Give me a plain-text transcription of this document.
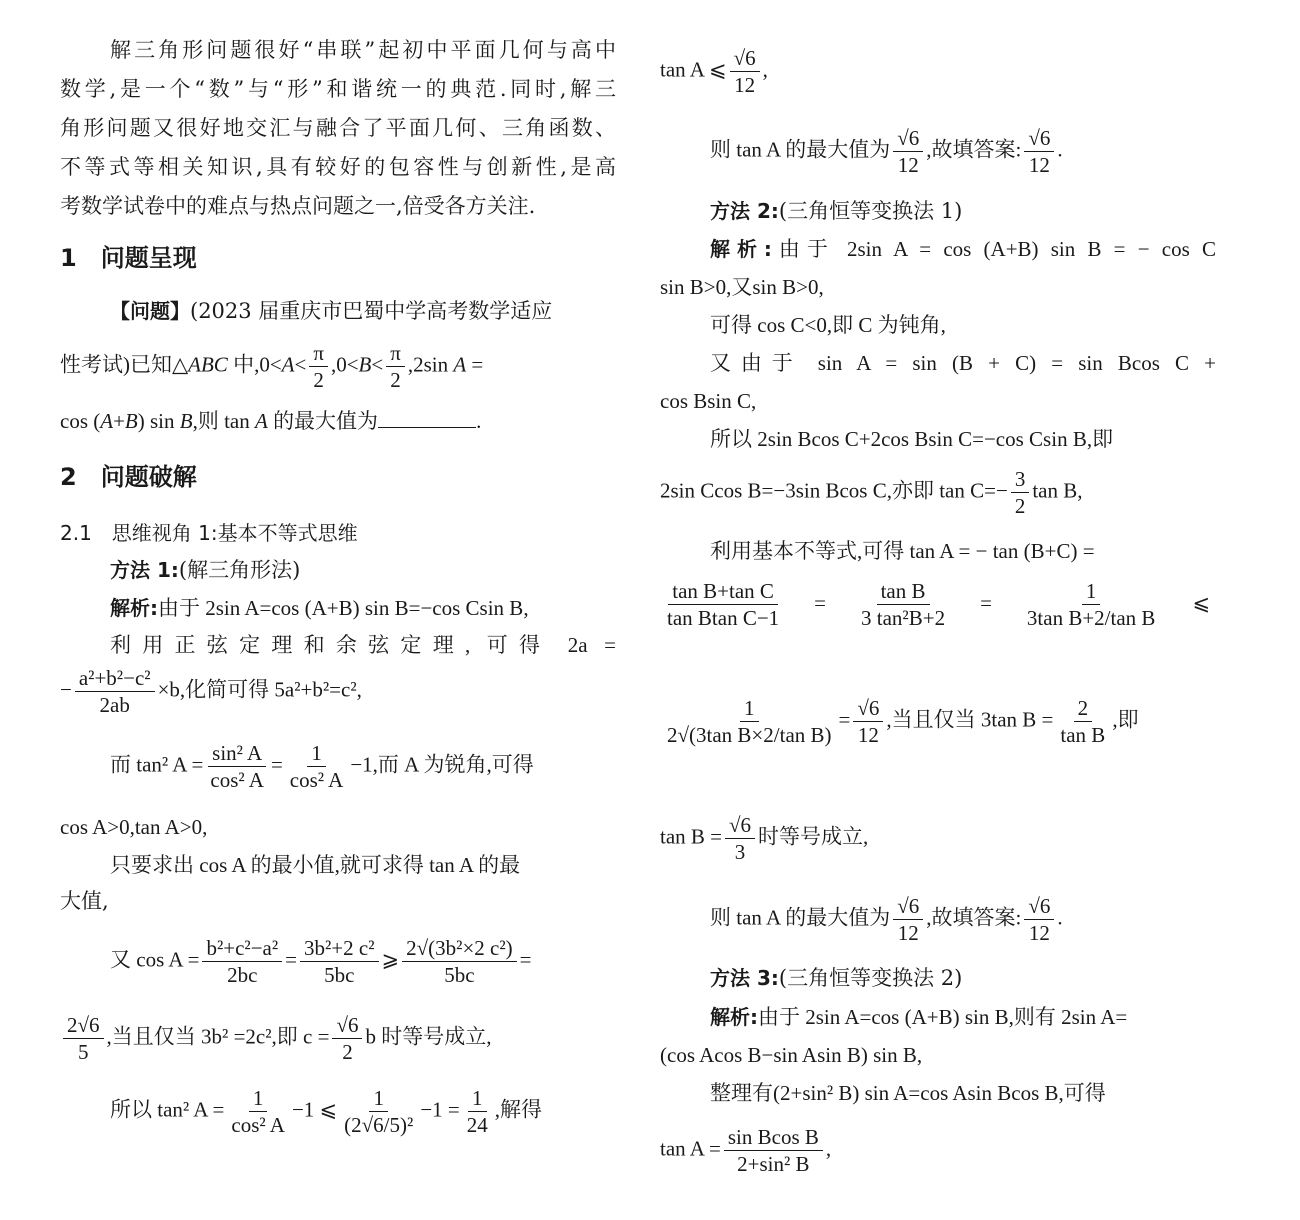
解三角形问题很好“串联”起初中平面几何与高中
数学,是一个“数”与“形”和谐统一的典范.同时,解三
角形问题又很好地交汇与融合了平面几何、三角函数、
不等式等相关知识,具有较好的包容性与创新性,是高
考数学试卷中的难点与热点问题之一,倍受各方关注.
1　问题呈现
【问题】(2023 届重庆市巴蜀中学高考数学适应
性考试)已知△ABC 中$,0<A< \frac{\pi}{2} ,0<B< \frac{\pi}{2} ,2\sin$ A =
cos (A+B) sin B,则 tan A 的最大值为	.
2　问题破解
2.1　思维视角 1:基本不等式思维
方法 1:(解三角形法)
解析:由于 2sin A=cos (A+B) sin B=−cos Csin B,
利用正弦定理和余弦定理, 可得 2a =
− $\frac{\text{a²+b²−c²}}{2ab} \times b$,化简可得 5a²+b²=c²,
而 tan² $A = \frac{\text{sin² A}}{\text{cos² A}} = \frac{1}{\text{cos² A}} -1$,而 A 为锐角,可得
cos A>0,tan A>0,
只要求出 cos A 的最小值,就可求得 tan A 的最
大值,
又 $\cos A = \frac{\text{b²+c²−a²}}{2bc} = \frac{\text{3b²+2 c²}}{5bc}$ ⩾ $\frac{\text{2√(3b²×2 c²)}}{5bc}$ =
$\frac{2√6}{5}$ ,当且仅当 3b² =2c²,即 $c = \frac{√6}{2}$ b 时等号成立,
所以 tan² $A = \frac{1}{\text{cos² A}} -1$ ⩽ $\frac{1}{\text{(2√6/5)²}} -1 = \frac{1}{24}$ ,解得
tan A ⩽ $\frac{√6}{12}$ ,
则 tan A 的最大值为 $\frac{√6}{12}$ ,故填答案: $\frac{√6}{12}$ .
方法 2:(三角恒等变换法 1)
解析:由于 2sin A = cos (A+B) sin B = − cos C
sin B>0,又sin B>0,
可得 cos C<0,即 C 为钝角,
又由于 sin A = sin (B + C) = sin Bcos C +
cos Bsin C,
所以 2sin Bcos C+2cos Bsin C=−cos Csin B,即
2sin Ccos B=−3sin Bcos C,亦即 $\tan C=- \frac{3}{2}$ tan B,
利用基本不等式,可得 tan A = − tan (B+C) =
$\frac{\text{tan B+tan C}}{\text{tan Btan C−1}} = \frac{\text{tan B}}{\text{3 tan²B+2}} = \frac{1}{\text{3tan B+2/tan B}}$ ⩽
$\frac{1}{\text{2√(3tan B×2/tan B)}} = \frac{√6}{12}$ ,当且仅当 3tan $B = \frac{2}{\text{tan B}}$ ,即
$\tan B = \frac{√6}{3}$ 时等号成立,
则 tan A 的最大值为 $\frac{√6}{12}$ ,故填答案: $\frac{√6}{12}$ .
方法 3:(三角恒等变换法 2)
解析:由于 2sin A=cos (A+B) sin B,则有 2sin A=
(cos Acos B−sin Asin B) sin B,
整理有(2+sin² B) sin A=cos Asin Bcos B,可得
$\tan A = \frac{\text{sin Bcos B}}{\text{2+sin² B}}$ ,
